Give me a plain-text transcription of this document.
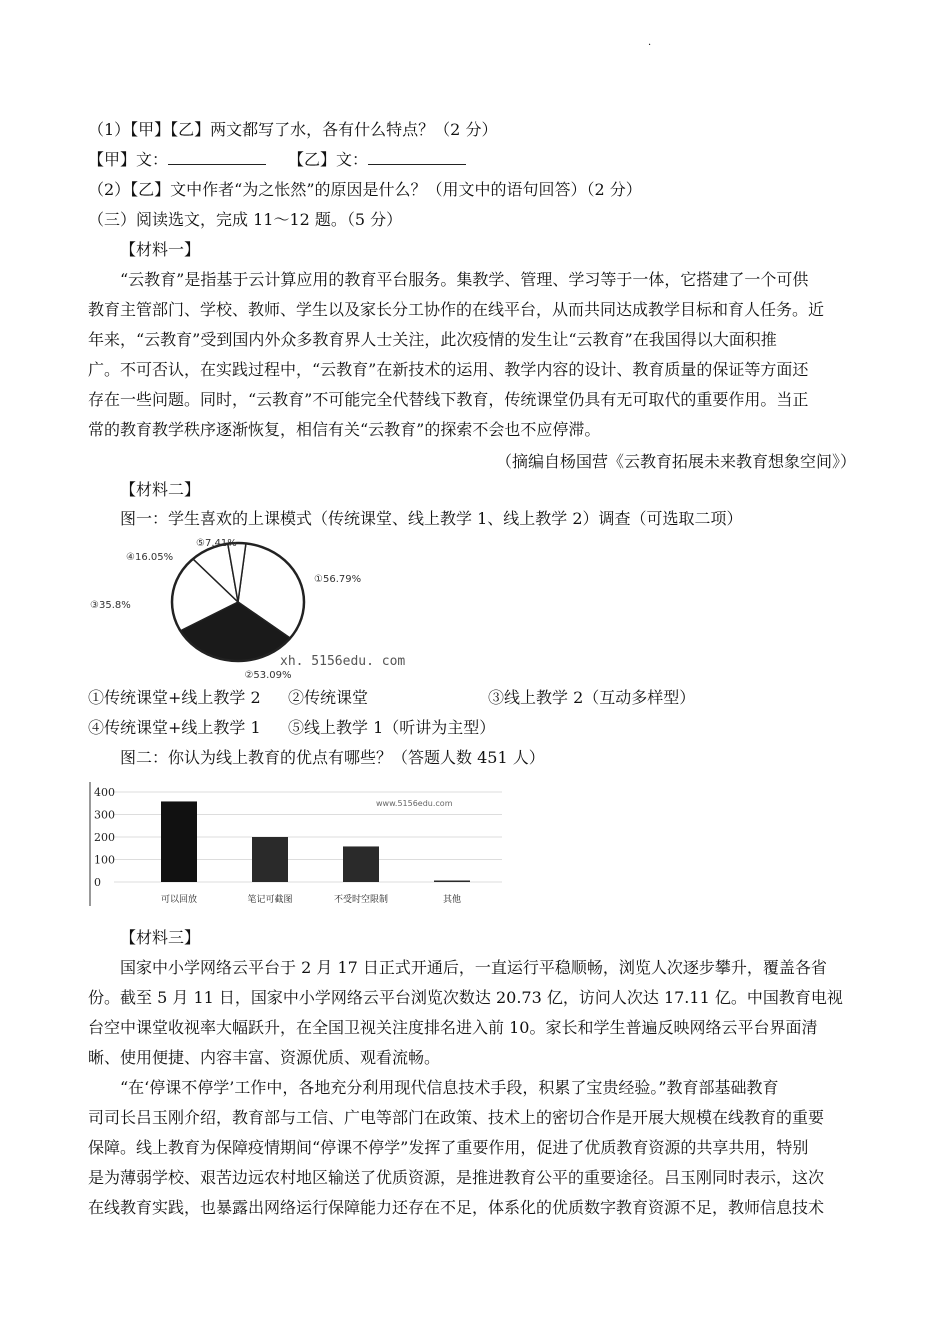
·
（1）【甲】【乙】两文都写了水，各有什么特点？（2 分）
【甲】文：	【乙】文：
（2）【乙】文中作者“为之怅然”的原因是什么？（用文中的语句回答）（2 分）
（三）阅读选文，完成 11～12 题。（5 分）
【材料一】
“云教育”是指基于云计算应用的教育平台服务。集教学、管理、学习等于一体，它搭建了一个可供
教育主管部门、学校、教师、学生以及家长分工协作的在线平台，从而共同达成教学目标和育人任务。近
年来，“云教育”受到国内外众多教育界人士关注，此次疫情的发生让“云教育”在我国得以大面积推
广。不可否认，在实践过程中，“云教育”在新技术的运用、教学内容的设计、教育质量的保证等方面还
存在一些问题。同时，“云教育”不可能完全代替线下教育，传统课堂仍具有无可取代的重要作用。当正
常的教育教学秩序逐渐恢复，相信有关“云教育”的探索不会也不应停滞。
（摘编自杨国营《云教育拓展未来教育想象空间》）
【材料二】
图一：学生喜欢的上课模式（传统课堂、线上教学 1、线上教学 2）调查（可选取二项）
①56.79%
②53.09%
③35.8%
④16.05%
⑤7.41%
xh. 5156edu. com
①传统课堂+线上教学 2 ②传统课堂	③线上教学 2（互动多样型）
④传统课堂+线上教学 1 ⑤线上教学 1（听讲为主型）
图二：你认为线上教育的优点有哪些？（答题人数 451 人）
400
300
200
100
0
可以回放	笔记可截图	不受时空限制	其他
www.5156edu.com
【材料三】
国家中小学网络云平台于 2 月 17 日正式开通后，一直运行平稳顺畅，浏览人次逐步攀升，覆盖各省
份。截至 5 月 11 日，国家中小学网络云平台浏览次数达 20.73 亿，访问人次达 17.11 亿。中国教育电视
台空中课堂收视率大幅跃升，在全国卫视关注度排名进入前 10。家长和学生普遍反映网络云平台界面清
晰、使用便捷、内容丰富、资源优质、观看流畅。
“在‘停课不停学’工作中，各地充分利用现代信息技术手段，积累了宝贵经验。”教育部基础教育
司司长吕玉刚介绍，教育部与工信、广电等部门在政策、技术上的密切合作是开展大规模在线教育的重要
保障。线上教育为保障疫情期间“停课不停学”发挥了重要作用，促进了优质教育资源的共享共用，特别
是为薄弱学校、艰苦边远农村地区输送了优质资源，是推进教育公平的重要途径。吕玉刚同时表示，这次
在线教育实践，也暴露出网络运行保障能力还存在不足，体系化的优质数字教育资源不足，教师信息技术
